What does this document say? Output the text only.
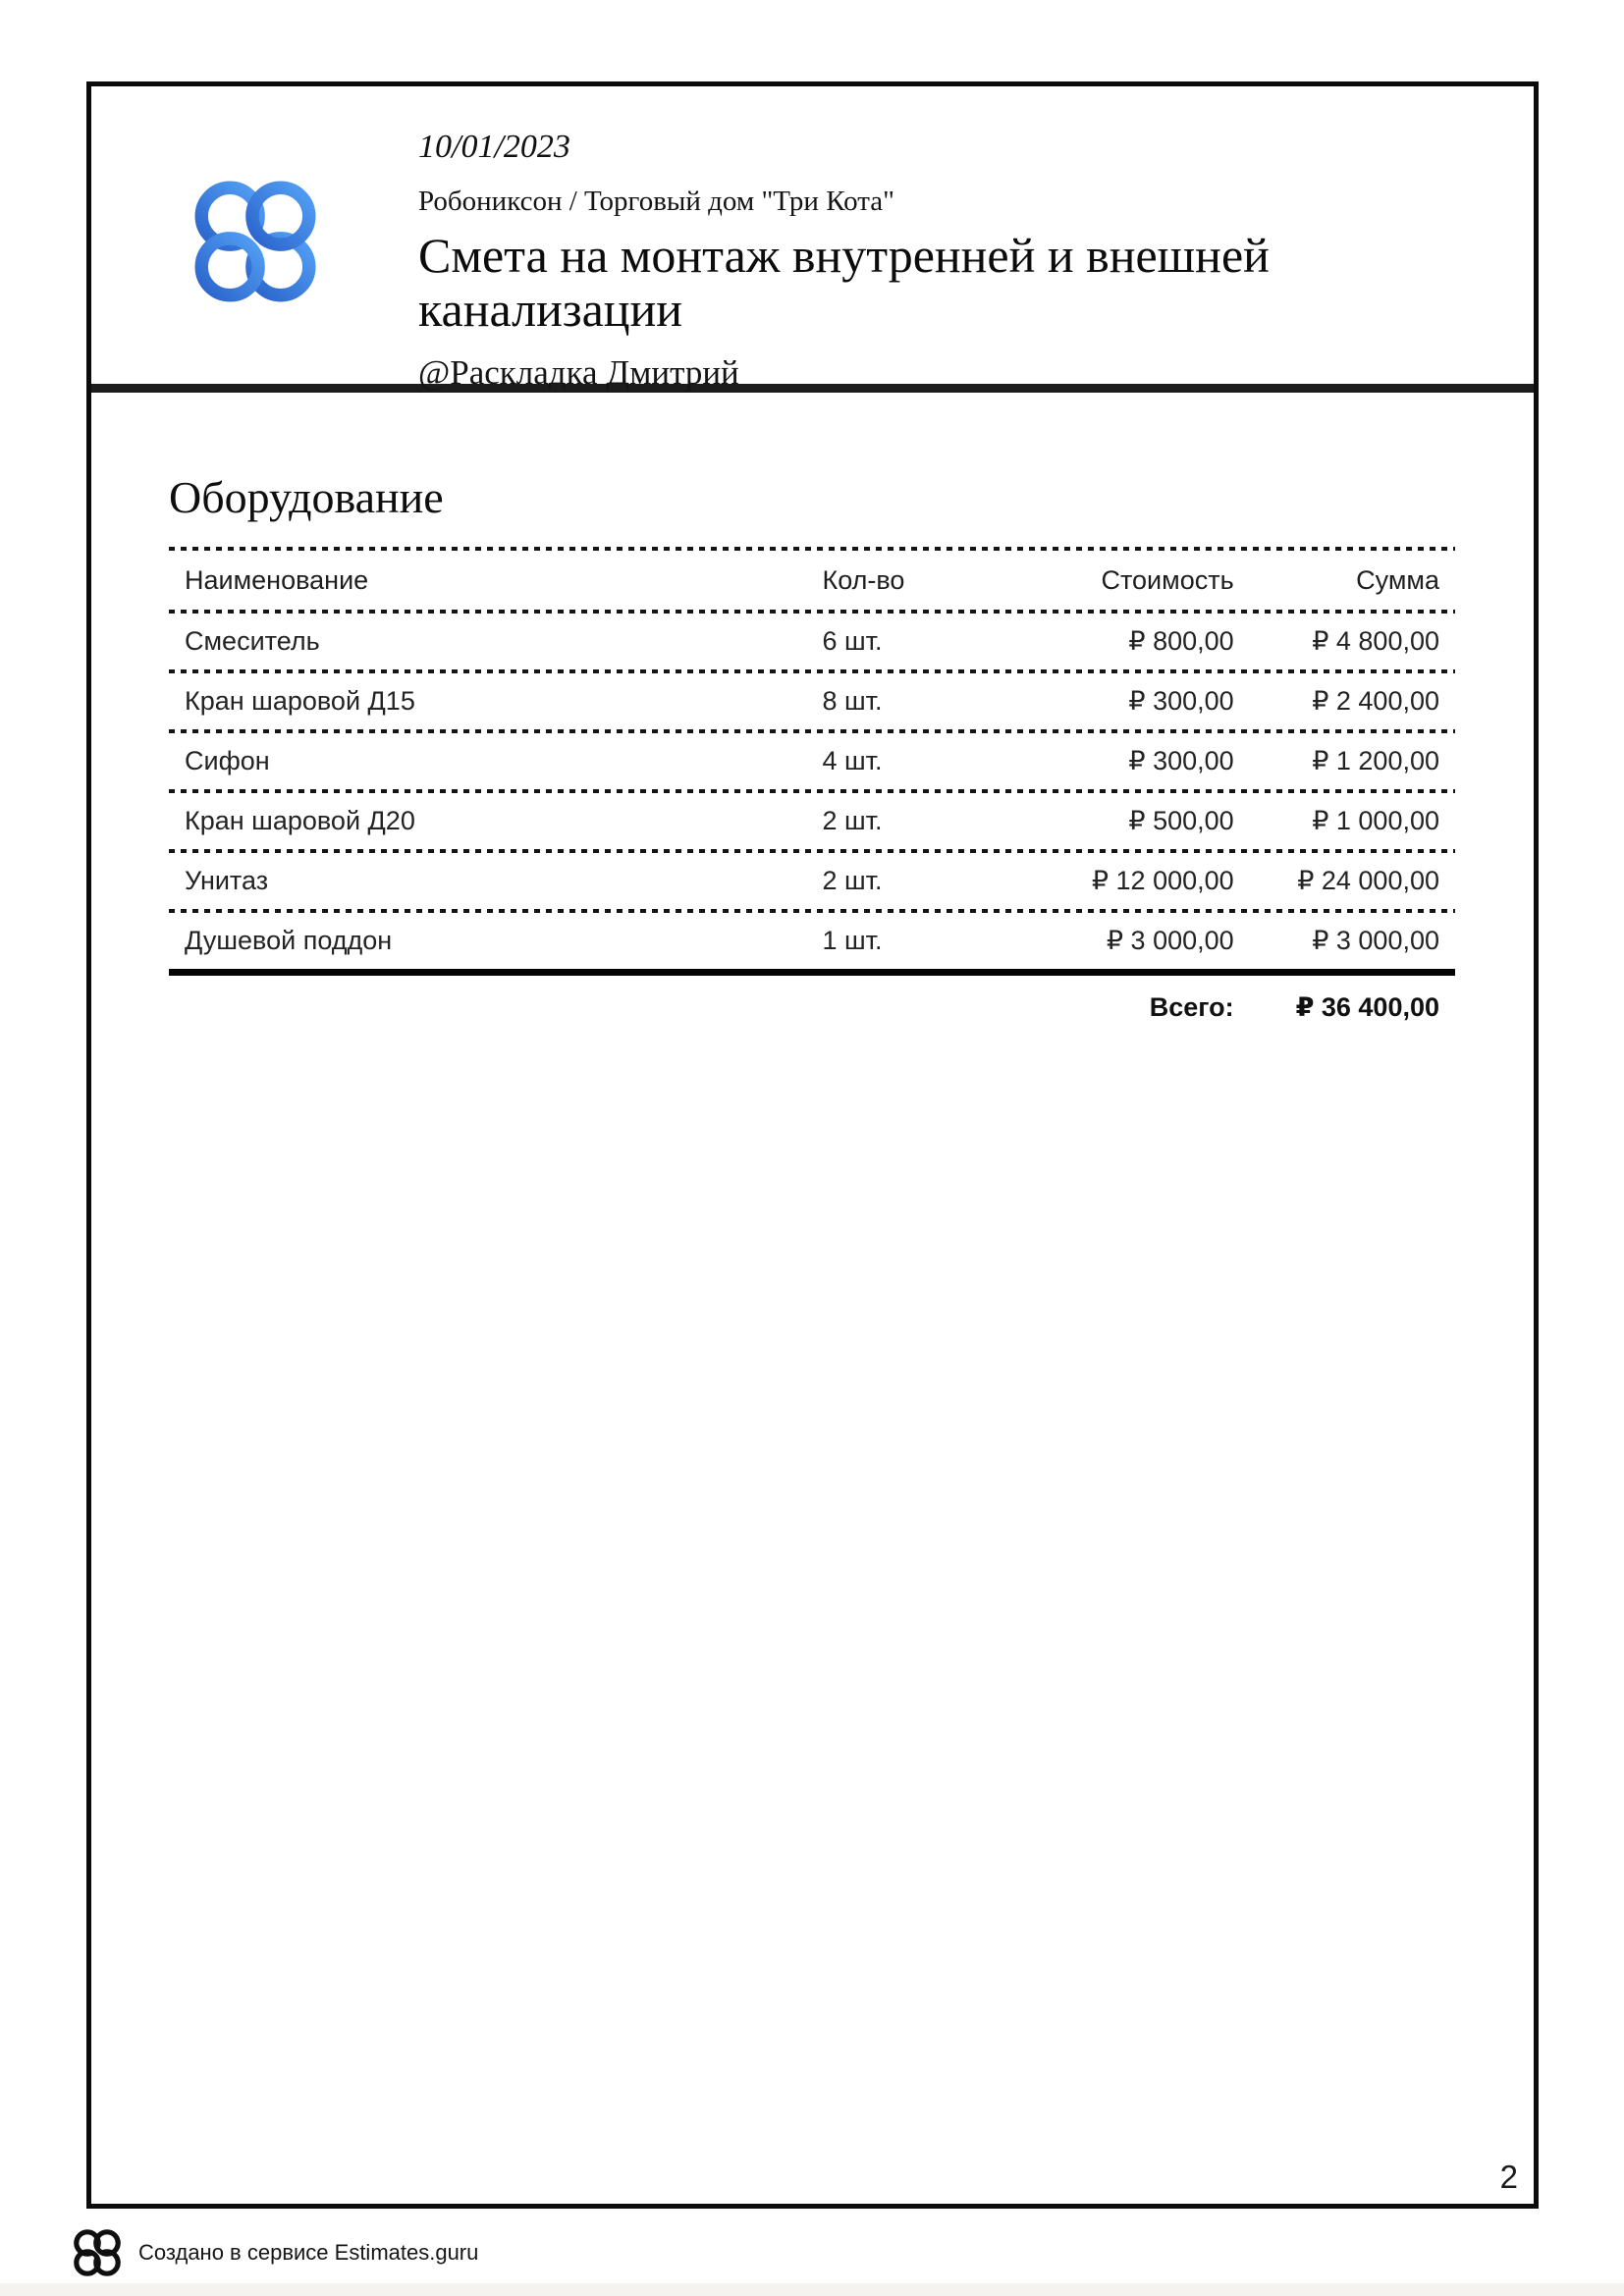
10/01/2023
Робониксон / Торговый дом "Три Кота"
Смета на монтаж внутренней и внешней канализации
@Раскладка Дмитрий
Оборудование
Наименование	Кол-во	Стоимость	Сумма
Смеситель	6 шт.	₽ 800,00	₽ 4 800,00
Кран шаровой Д15	8 шт.	₽ 300,00	₽ 2 400,00
Сифон	4 шт.	₽ 300,00	₽ 1 200,00
Кран шаровой Д20	2 шт.	₽ 500,00	₽ 1 000,00
Унитаз	2 шт.	₽ 12 000,00	₽ 24 000,00
Душевой поддон	1 шт.	₽ 3 000,00	₽ 3 000,00
Всего:	₽ 36 400,00
2
Создано в сервисе Estimates.guru
